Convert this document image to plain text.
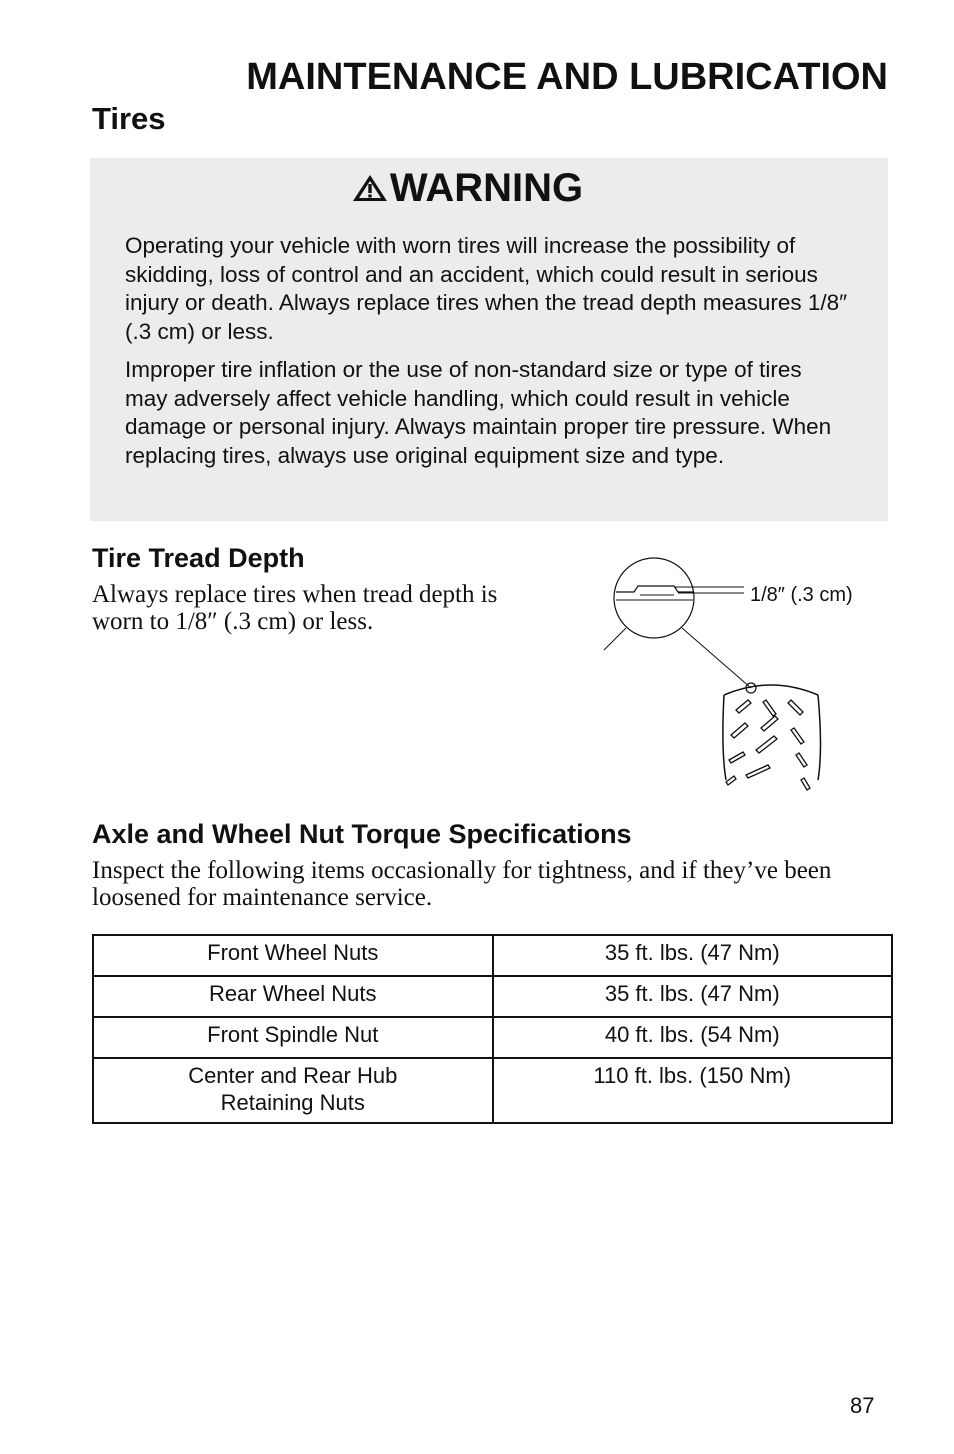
MAINTENANCE AND LUBRICATION
Tires
WARNING

Operating your vehicle with worn tires will increase the possibility of skidding, loss of control and an accident, which could result in serious injury or death. Always replace tires when the tread depth measures 1/8″ (.3 cm) or less.

Improper tire inflation or the use of non-standard size or type of tires may adversely affect vehicle handling, which could result in vehicle damage or personal injury. Always maintain proper tire pressure. When replacing tires, always use original equipment size and type.

Tire Tread Depth

Always replace tires when tread depth is worn to 1/8″ (.3 cm) or less.

1/8″ (.3 cm)
Axle and Wheel Nut Torque Specifications

Inspect the following items occasionally for tightness, and if they’ve been loosened for maintenance service.

Front Wheel Nuts	35 ft. lbs. (47 Nm)
Rear Wheel Nuts	35 ft. lbs. (47 Nm)
Front Spindle Nut	40 ft. lbs. (54 Nm)
Center and Rear Hub
Retaining Nuts	110 ft. lbs. (150 Nm)
87
